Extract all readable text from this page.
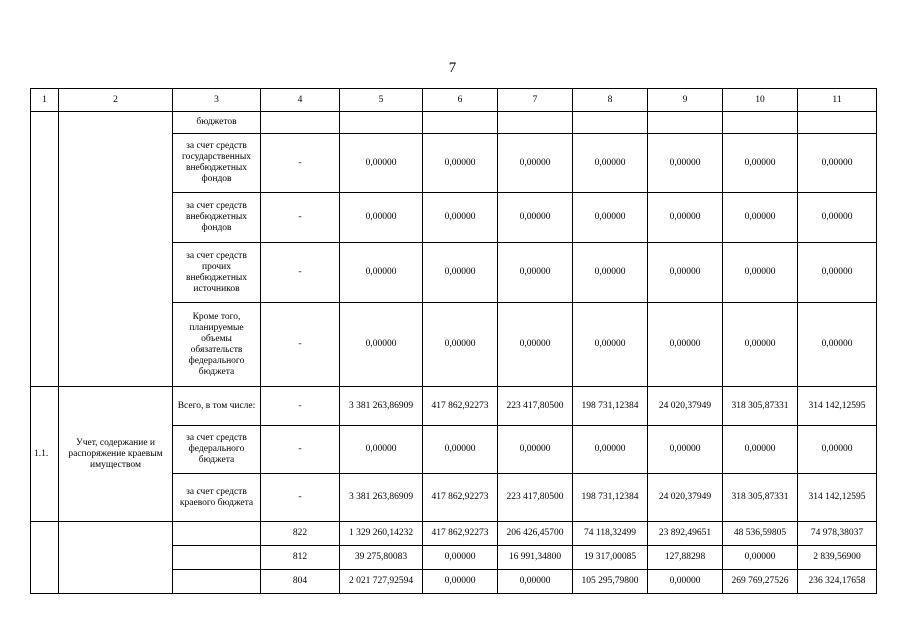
7
1	2	3	4	5	6	7	8	9	10	11
		бюджетов								
		за счет средств государственных внебюджетных фондов	-	0,00000	0,00000	0,00000	0,00000	0,00000	0,00000	0,00000
		за счет средств внебюджетных фондов	-	0,00000	0,00000	0,00000	0,00000	0,00000	0,00000	0,00000
		за счет средств прочих внебюджетных источников	-	0,00000	0,00000	0,00000	0,00000	0,00000	0,00000	0,00000
		Кроме того, планируемые объемы обязательств федерального бюджета	-	0,00000	0,00000	0,00000	0,00000	0,00000	0,00000	0,00000
1.1.	Учет, содержание и распоряжение краевым имуществом	Всего, в том числе:	-	3 381 263,86909	417 862,92273	223 417,80500	198 731,12384	24 020,37949	318 305,87331	314 142,12595
		за счет средств федерального бюджета	-	0,00000	0,00000	0,00000	0,00000	0,00000	0,00000	0,00000
		за счет средств краевого бюджета	-	3 381 263,86909	417 862,92273	223 417,80500	198 731,12384	24 020,37949	318 305,87331	314 142,12595
			822	1 329 260,14232	417 862,92273	206 426,45700	74 118,32499	23 892,49651	48 536,59805	74 978,38037
			812	39 275,80083	0,00000	16 991,34800	19 317,00085	127,88298	0,00000	2 839,56900
			804	2 021 727,92594	0,00000	0,00000	105 295,79800	0,00000	269 769,27526	236 324,17658
